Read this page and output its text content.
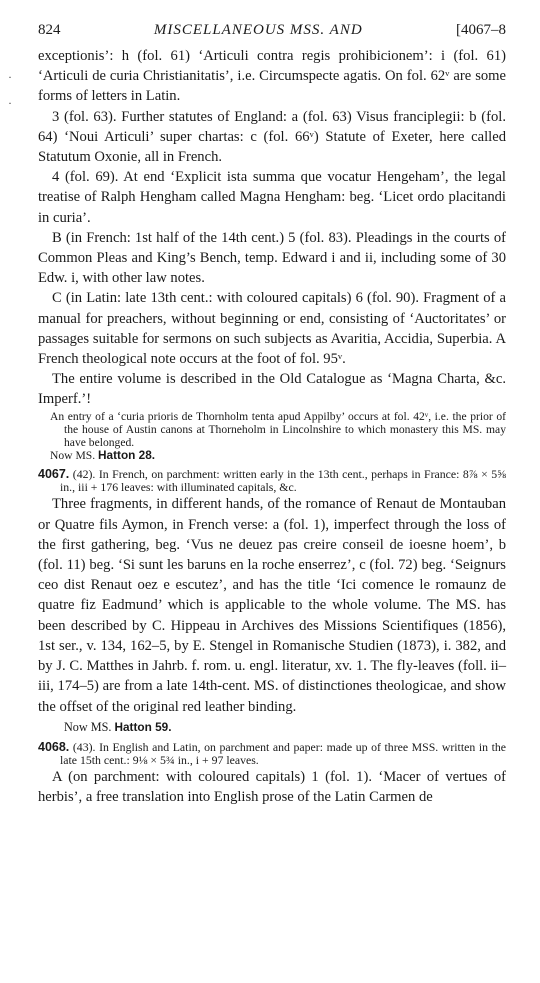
·
·
824	MISCELLANEOUS MSS. AND	[4067–8

exceptionis’: h (fol. 61) ‘Articuli contra regis prohibicionem’: i (fol. 61) ‘Articuli de curia Christianitatis’, i.e. Circumspecte agatis. On fol. 62ᵛ are some forms of letters in Latin.

3 (fol. 63). Further statutes of England: a (fol. 63) Visus franciplegii: b (fol. 64) ‘Noui Articuli’ super chartas: c (fol. 66ᵛ) Statute of Exeter, here called Statutum Oxonie, all in French.

4 (fol. 69). At end ‘Explicit ista summa que vocatur Hengeham’, the legal treatise of Ralph Hengham called Magna Hengham: beg. ‘Licet ordo placitandi in curia’.

B (in French: 1st half of the 14th cent.) 5 (fol. 83). Pleadings in the courts of Common Pleas and King’s Bench, temp. Edward i and ii, including some of 30 Edw. i, with other law notes.

C (in Latin: late 13th cent.: with coloured capitals) 6 (fol. 90). Fragment of a manual for preachers, without beginning or end, consisting of ‘Auctoritates’ or passages suitable for sermons on such subjects as Avaritia, Accidia, Superbia. A French theological note occurs at the foot of fol. 95ᵛ.

The entire volume is described in the Old Catalogue as ‘Magna Charta, &c. Imperf.’!

An entry of a ‘curia prioris de Thornholm tenta apud Appilby’ occurs at fol. 42ᵛ, i.e. the prior of the house of Austin canons at Thorneholm in Lincolnshire to which monastery this MS. may have belonged.

Now MS. Hatton 28.

4067. (42). In French, on parchment: written early in the 13th cent., perhaps in France: 8⅞ × 5⅝ in., iii + 176 leaves: with illuminated capitals, &c.

Three fragments, in different hands, of the romance of Renaut de Montauban or Quatre fils Aymon, in French verse: a (fol. 1), imperfect through the loss of the first gathering, beg. ‘Vus ne deuez pas creire conseil de ioesne hoem’, b (fol. 11) beg. ‘Si sunt les baruns en la roche enserrez’, c (fol. 72) beg. ‘Seignurs ceo dist Renaut oez e escutez’, and has the title ‘Ici comence le romaunz de quatre fiz Eadmund’ which is applicable to the whole volume. The MS. has been described by C. Hippeau in Archives des Missions Scientifiques (1856), 1st ser., v. 134, 162–5, by E. Stengel in Romanische Studien (1873), i. 382, and by J. C. Matthes in Jahrb. f. rom. u. engl. literatur, xv. 1. The fly-leaves (foll. ii–iii, 174–5) are from a late 14th-cent. MS. of distinctiones theologicae, and show the offset of the original red leather binding.

Now MS. Hatton 59.

4068. (43). In English and Latin, on parchment and paper: made up of three MSS. written in the late 15th cent.: 9⅛ × 5¾ in., i + 97 leaves.

A (on parchment: with coloured capitals) 1 (fol. 1). ‘Macer of vertues of herbis’, a free translation into English prose of the Latin Carmen de
